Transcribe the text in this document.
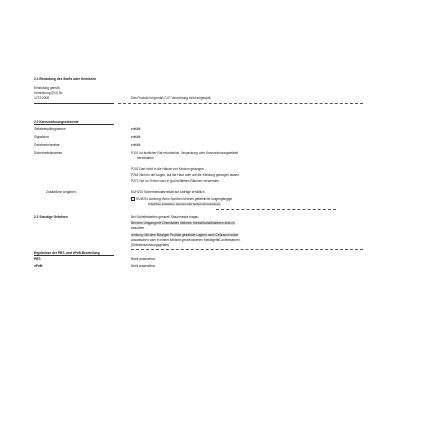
2.1 Einstufung des Stoffs oder Gemische
Einstufung gemäß
Verordnung (EG) Nr.
1272/2008	Das Produkt ist gemäß CLP-Verordnung nicht eingestuft.
2.2 Kennzeichnungselemente
Gefahrenpiktogramme	entfällt
Signalwort	entfällt
Gefahrenhinweise	entfällt
Sicherheitshinweise	P101 Ist ärztlicher Rat erforderlich, Verpackung oder Kennzeichnungsetikett
bereithalten.
P102 Darf nicht in die Hände von Kindern gelangen.
P262 Nicht in die Augen, auf die Haut oder auf die Kleidung gelangen lassen.
P271 Nur im Freien oder in gut belüfteten Räumen verwenden.
Zusätzliche Angaben:	EUH210 Sicherheitsdatenblatt auf Anfrage erhältlich.
EUH211 Achtung! Beim Sprühen können gefährliche lungengängige
Tröpfchen entstehen. Aerosol oder Nebel nicht einatmen.
2.3 Sonstige Gefahren	Bei Schleifarbeiten generell Staubmaske tragen.
Bei dem Umgang mit Chemikalien üblichen Vorsichtsmaßnahmen sind zu
beachten.
Achtung: Mit dem flüssigen Produkt getränkte Lappen nach Gebrauch sofort
auswaschen oder in einem luftdicht geschlossenen Metallgefäß aufbewahren.
(Selbstentzündungsgefahr)
Ergebnisse der PBT- und vPvB-Beurteilung
PBT:	Nicht anwendbar.
vPvB:	Nicht anwendbar.
